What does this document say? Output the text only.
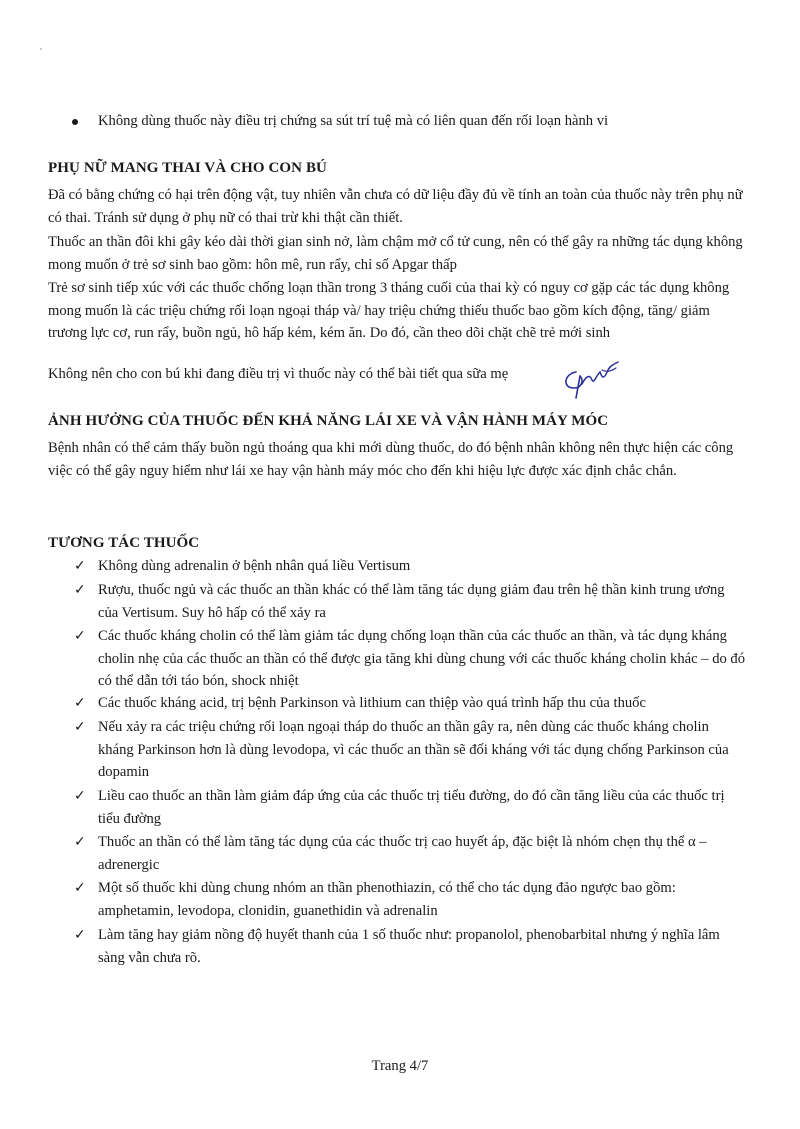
Không dùng thuốc này điều trị chứng sa sút trí tuệ mà có liên quan đến rối loạn hành vi

PHỤ NỮ MANG THAI VÀ CHO CON BÚ

Đã có bằng chứng có hại trên động vật, tuy nhiên vẫn chưa có dữ liệu đầy đủ về tính an toàn của thuốc này trên phụ nữ có thai. Tránh sử dụng ở phụ nữ có thai trừ khi thật cần thiết.

Thuốc an thần đôi khi gây kéo dài thời gian sinh nở, làm chậm mở cổ tử cung, nên có thể gây ra những tác dụng không mong muốn ở trẻ sơ sinh bao gồm: hôn mê, run rẩy, chỉ số Apgar thấp

Trẻ sơ sinh tiếp xúc với các thuốc chống loạn thần trong 3 tháng cuối của thai kỳ có nguy cơ gặp các tác dụng không mong muốn là các triệu chứng rối loạn ngoại tháp và/ hay triệu chứng thiếu thuốc bao gồm kích động, tăng/ giảm trương lực cơ, run rẩy, buồn ngủ, hô hấp kém, kém ăn. Do đó, cần theo dõi chặt chẽ trẻ mới sinh

Không nên cho con bú khi đang điều trị vì thuốc này có thể bài tiết qua sữa mẹ

ẢNH HƯỞNG CỦA THUỐC ĐẾN KHẢ NĂNG LÁI XE VÀ VẬN HÀNH MÁY MÓC

Bệnh nhân có thể cảm thấy buồn ngủ thoáng qua khi mới dùng thuốc, do đó bệnh nhân không nên thực hiện các công việc có thể gây nguy hiểm như lái xe hay vận hành máy móc cho đến khi hiệu lực được xác định chắc chắn.

TƯƠNG TÁC THUỐC
✓ Không dùng adrenalin ở bệnh nhân quá liều Vertisum

✓ Rượu, thuốc ngủ và các thuốc an thần khác có thể làm tăng tác dụng giảm đau trên hệ thần kinh trung ương của Vertisum. Suy hô hấp có thể xảy ra

✓ Các thuốc kháng cholin có thể làm giảm tác dụng chống loạn thần của các thuốc an thần, và tác dụng kháng cholin nhẹ của các thuốc an thần có thể được gia tăng khi dùng chung với các thuốc kháng cholin khác – do đó có thể dẫn tới táo bón, shock nhiệt

✓ Các thuốc kháng acid, trị bệnh Parkinson và lithium can thiệp vào quá trình hấp thu của thuốc

✓ Nếu xảy ra các triệu chứng rối loạn ngoại tháp do thuốc an thần gây ra, nên dùng các thuốc kháng cholin kháng Parkinson hơn là dùng levodopa, vì các thuốc an thần sẽ đối kháng với tác dụng chống Parkinson của dopamin

✓ Liều cao thuốc an thần làm giảm đáp ứng của các thuốc trị tiểu đường, do đó cần tăng liều của các thuốc trị tiểu đường

✓ Thuốc an thần có thể làm tăng tác dụng của các thuốc trị cao huyết áp, đặc biệt là nhóm chẹn thụ thể α – adrenergic

✓ Một số thuốc khi dùng chung nhóm an thần phenothiazin, có thể cho tác dụng đảo ngược bao gồm: amphetamin, levodopa, clonidin, guanethidin và adrenalin

✓ Làm tăng hay giảm nồng độ huyết thanh của 1 số thuốc như: propanolol, phenobarbital nhưng ý nghĩa lâm sàng vẫn chưa rõ.

Trang 4/7
